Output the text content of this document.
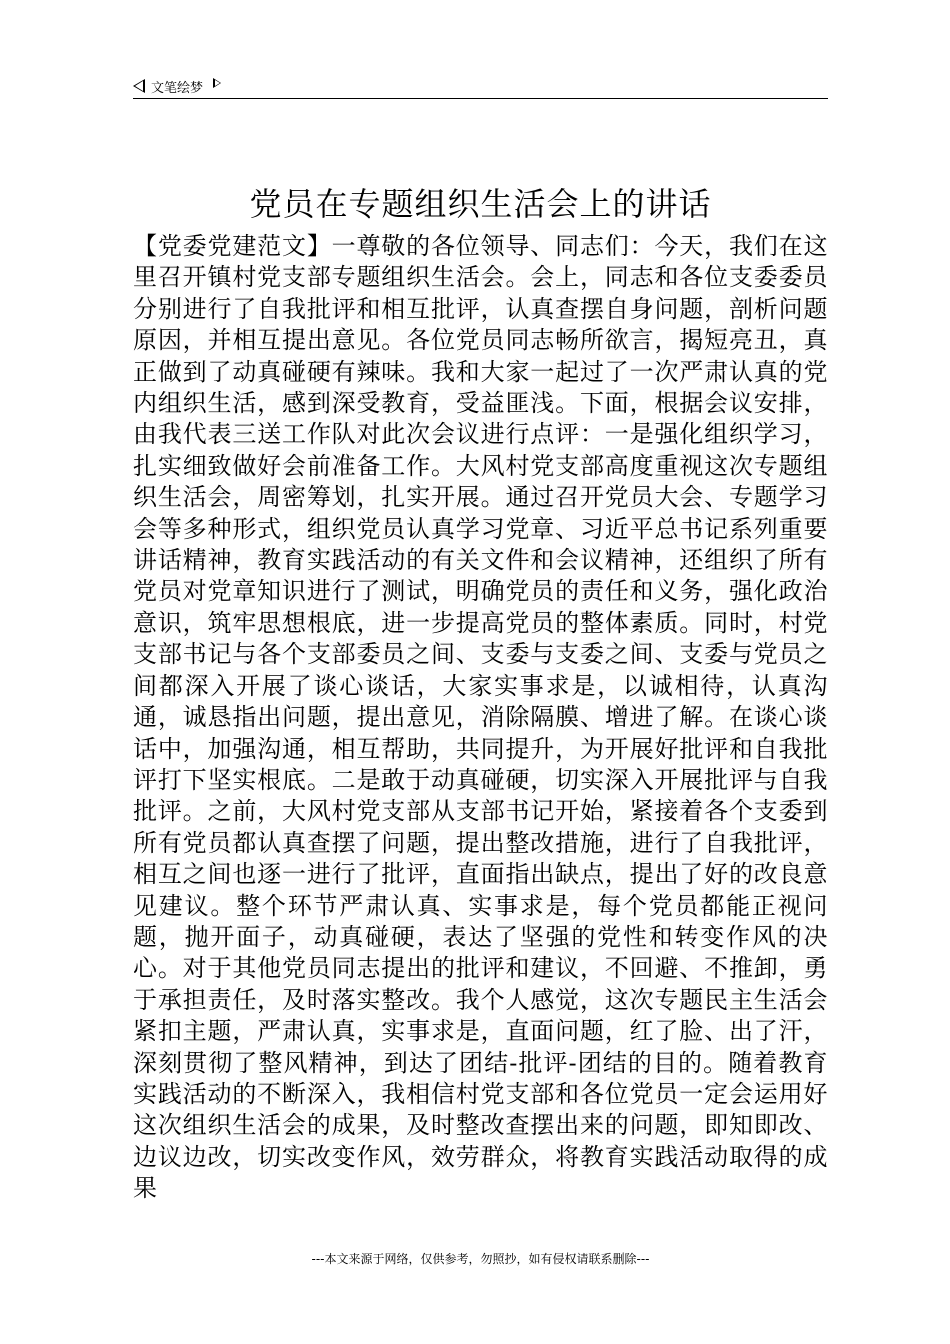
文笔绘梦
党员在专题组织生活会上的讲话

【党委党建范文】一尊敬的各位领导、同志们：今天，我们在这里召开镇村党支部专题组织生活会。会上，同志和各位支委委员分别进行了自我批评和相互批评，认真查摆自身问题，剖析问题原因，并相互提出意见。各位党员同志畅所欲言，揭短亮丑，真正做到了动真碰硬有辣味。我和大家一起过了一次严肃认真的党内组织生活，感到深受教育，受益匪浅。下面，根据会议安排，由我代表三送工作队对此次会议进行点评：一是强化组织学习，扎实细致做好会前准备工作。大风村党支部高度重视这次专题组织生活会，周密筹划，扎实开展。通过召开党员大会、专题学习会等多种形式，组织党员认真学习党章、习近平总书记系列重要讲话精神，教育实践活动的有关文件和会议精神，还组织了所有党员对党章知识进行了测试，明确党员的责任和义务，强化政治意识，筑牢思想根底，进一步提高党员的整体素质。同时，村党支部书记与各个支部委员之间、支委与支委之间、支委与党员之间都深入开展了谈心谈话，大家实事求是，以诚相待，认真沟通，诚恳指出问题，提出意见，消除隔膜、增进了解。在谈心谈话中，加强沟通，相互帮助，共同提升，为开展好批评和自我批评打下坚实根底。二是敢于动真碰硬，切实深入开展批评与自我批评。之前，大风村党支部从支部书记开始，紧接着各个支委到所有党员都认真查摆了问题，提出整改措施，进行了自我批评，相互之间也逐一进行了批评，直面指出缺点，提出了好的改良意见建议。整个环节严肃认真、实事求是，每个党员都能正视问题，抛开面子，动真碰硬，表达了坚强的党性和转变作风的决心。对于其他党员同志提出的批评和建议，不回避、不推卸，勇于承担责任，及时落实整改。我个人感觉，这次专题民主生活会紧扣主题，严肃认真，实事求是，直面问题，红了脸、出了汗，深刻贯彻了整风精神，到达了团结-批评-团结的目的。随着教育实践活动的不断深入，我相信村党支部和各位党员一定会运用好这次组织生活会的成果，及时整改查摆出来的问题，即知即改、边议边改，切实改变作风，效劳群众，将教育实践活动取得的成果

---本文来源于网络，仅供参考，勿照抄，如有侵权请联系删除---
